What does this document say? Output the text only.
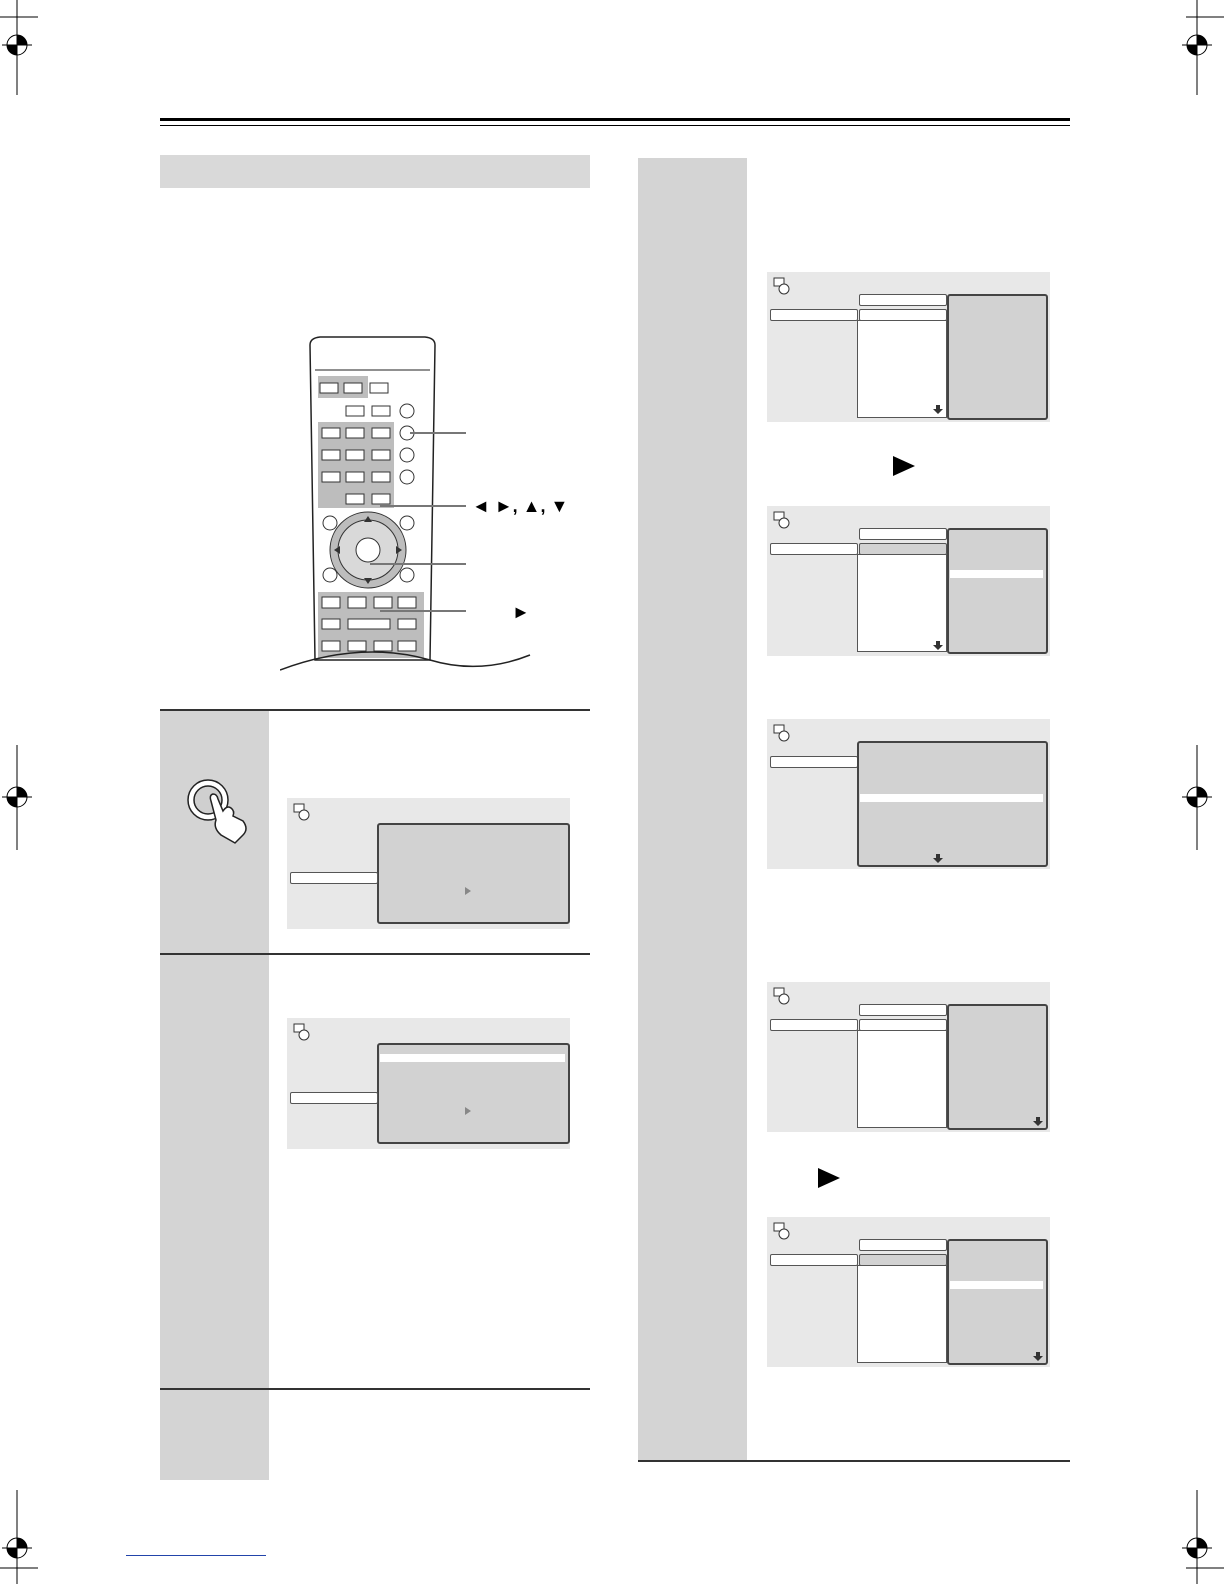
◄ ►, ▲, ▼
►
